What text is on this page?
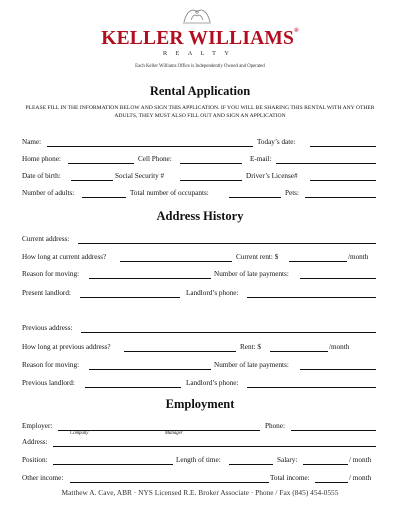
KELLER WILLIAMS®
REALTY
Each Keller Williams Office is Independently Owned and Operated
Rental Application
PLEASE FILL IN THE INFORMATION BELOW AND SIGN THIS APPLICATION. IF YOU WILL BE SHARING THIS RENTAL WITH ANY OTHER ADULTS, THEY MUST ALSO FILL OUT AND SIGN AN APPLICATION
Name:	Today’s date:
Home phone:	Cell Phone:	E-mail:
Date of birth:	Social Security #	Driver’s License#
Number of adults:	Total number of occupants:	Pets:
Address History
Current address:
How long at current address?	Current rent: $	/month
Reason for moving:	Number of late payments:
Present landlord:	Landlord’s phone:
Previous address:
How long at previous address?	Rent: $	/month
Reason for moving:	Number of late payments:
Previous landlord:	Landlord’s phone:
Employment
Employer:	Phone:
Company	Manager
Address:
Position:	Length of time:	Salary:	/ month
Other income:	Total income:	/ month
Matthew A. Cave, ABR · NYS Licensed R.E. Broker Associate · Phone / Fax (845) 454-0555
